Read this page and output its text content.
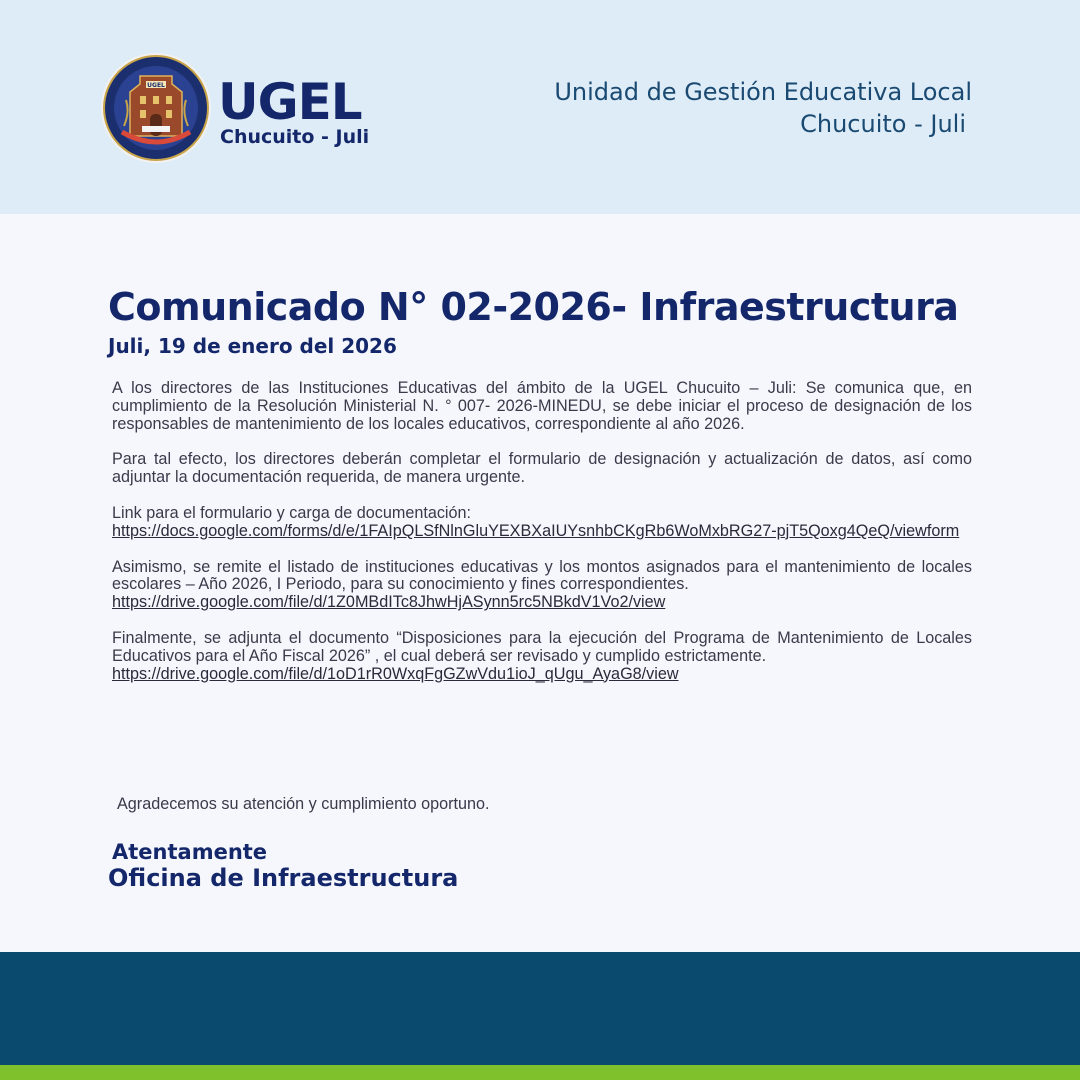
UGEL UGEL
Chucuito - Juli
Unidad de Gestión Educativa Local
Chucuito - Juli
Comunicado N° 02-2026- Infraestructura
Juli, 19 de enero del 2026

A los directores de las Instituciones Educativas del ámbito de la UGEL Chucuito – Juli: Se comunica que, en cumplimiento de la Resolución Ministerial N. ° 007- 2026-MINEDU, se debe iniciar el proceso de designación de los responsables de mantenimiento de los locales educativos, correspondiente al año 2026.

Para tal efecto, los directores deberán completar el formulario de designación y actualización de datos, así como adjuntar la documentación requerida, de manera urgente.

Link para el formulario y carga de documentación:
https://docs.google.com/forms/d/e/1FAIpQLSfNlnGluYEXBXaIUYsnhbCKgRb6WoMxbRG27-pjT5Qoxg4QeQ/viewform

Asimismo, se remite el listado de instituciones educativas y los montos asignados para el mantenimiento de locales escolares – Año 2026, I Periodo, para su conocimiento y fines correspondientes.
https://drive.google.com/file/d/1Z0MBdITc8JhwHjASynn5rc5NBkdV1Vo2/view

Finalmente, se adjunta el documento “Disposiciones para la ejecución del Programa de Mantenimiento de Locales Educativos para el Año Fiscal 2026” , el cual deberá ser revisado y cumplido estrictamente.
https://drive.google.com/file/d/1oD1rR0WxqFgGZwVdu1ioJ_qUgu_AyaG8/view

Agradecemos su atención y cumplimiento oportuno.
Atentamente
Oficina de Infraestructura
